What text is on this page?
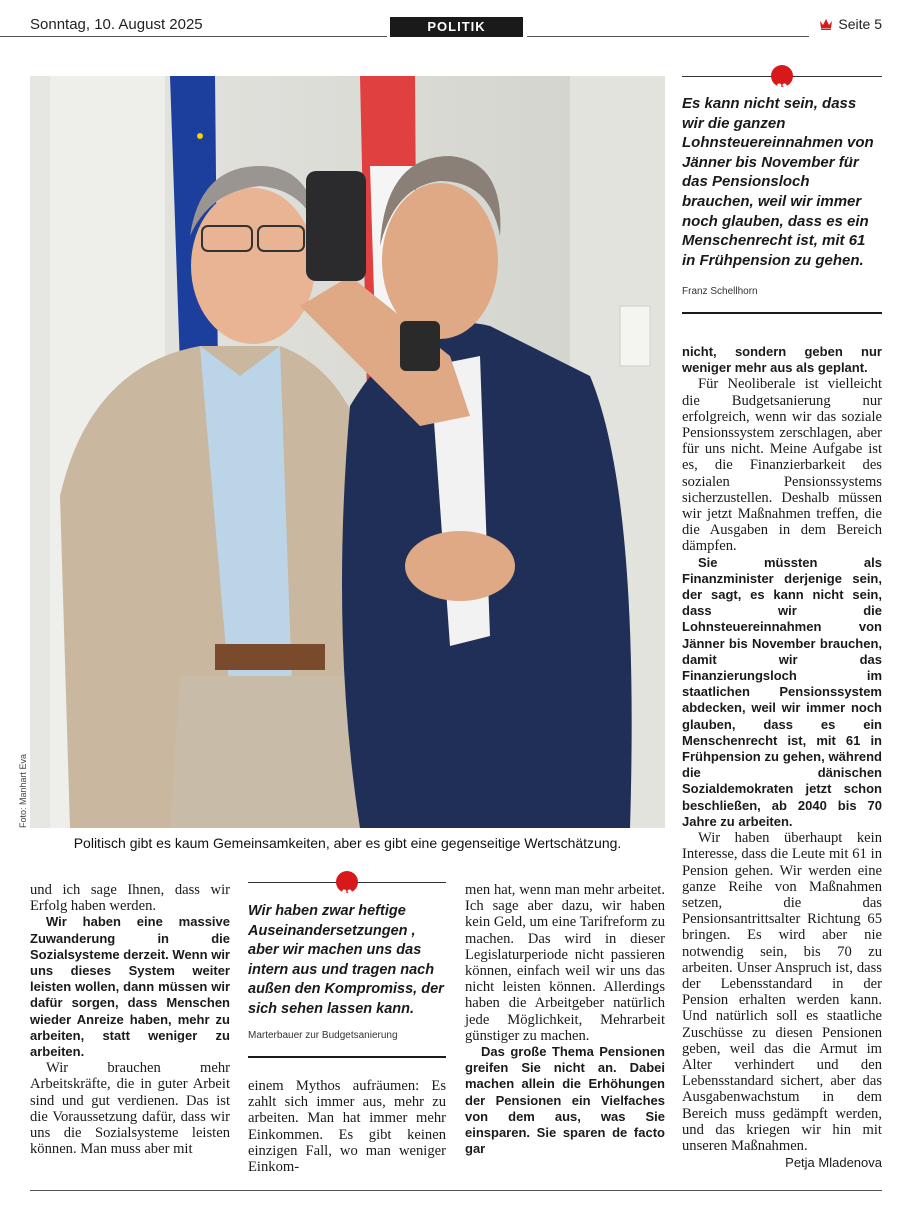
Sonntag, 10. August 2025	POLITIK	Seite 5
Foto: Manhart Eva
Politisch gibt es kaum Gemeinsamkeiten, aber es gibt eine gegenseitige Wertschätzung.
„
Es kann nicht sein, dass wir die ganzen Lohnsteuereinnahmen von Jänner bis November für das Pensionsloch brauchen, weil wir immer noch glauben, dass es ein Menschenrecht ist, mit 61 in Frühpension zu gehen.
Franz Schellhorn
„
Wir haben zwar heftige Auseinandersetzungen , aber wir machen uns das intern aus und tragen nach außen den Kompromiss, der sich sehen lassen kann.
Marterbauer zur Budgetsanierung

und ich sage Ihnen, dass wir Erfolg haben werden.

Wir haben eine massive Zuwanderung in die Sozialsysteme derzeit. Wenn wir uns dieses System weiter leisten wollen, dann müssen wir dafür sorgen, dass Menschen wieder Anreize haben, mehr zu arbeiten, statt weniger zu arbeiten.

Wir brauchen mehr Arbeitskräfte, die in guter Arbeit sind und gut verdienen. Das ist die Voraussetzung dafür, dass wir uns die Sozialsysteme leisten können. Man muss aber mit

einem Mythos aufräumen: Es zahlt sich immer aus, mehr zu arbeiten. Man hat immer mehr Einkommen. Es gibt keinen einzigen Fall, wo man weniger Einkom-

men hat, wenn man mehr arbeitet. Ich sage aber dazu, wir haben kein Geld, um eine Tarifreform zu machen. Das wird in dieser Legislaturperiode nicht passieren können, einfach weil wir uns das nicht leisten können. Allerdings haben die Arbeitgeber natürlich jede Möglichkeit, Mehrarbeit günstiger zu machen.

Das große Thema Pensionen greifen Sie nicht an. Dabei machen allein die Erhöhungen der Pensionen ein Vielfaches von dem aus, was Sie einsparen. Sie sparen de facto gar

nicht, sondern geben nur weniger mehr aus als geplant.

Für Neoliberale ist vielleicht die Budgetsanierung nur erfolgreich, wenn wir das soziale Pensionssystem zerschlagen, aber für uns nicht. Meine Aufgabe ist es, die Finanzierbarkeit des sozialen Pensionssystems sicherzustellen. Deshalb müssen wir jetzt Maßnahmen treffen, die die Ausgaben in dem Bereich dämpfen.

Sie müssten als Finanzminister derjenige sein, der sagt, es kann nicht sein, dass wir die Lohnsteuereinnahmen von Jänner bis November brauchen, damit wir das Finanzierungsloch im staatlichen Pensionssystem abdecken, weil wir immer noch glauben, dass es ein Menschenrecht ist, mit 61 in Frühpension zu gehen, während die dänischen Sozialdemokraten jetzt schon beschließen, ab 2040 bis 70 Jahre zu arbeiten.

Wir haben überhaupt kein Interesse, dass die Leute mit 61 in Pension gehen. Wir werden eine ganze Reihe von Maßnahmen setzen, die das Pensionsantrittsalter Richtung 65 bringen. Es wird aber nie notwendig sein, bis 70 zu arbeiten. Unser Anspruch ist, dass der Lebensstandard in der Pension erhalten werden kann. Und natürlich soll es staatliche Zuschüsse zu diesen Pensionen geben, weil das die Armut im Alter verhindert und den Lebensstandard sichert, aber das Ausgabenwachstum in dem Bereich muss gedämpft werden, und das kriegen wir hin mit unseren Maßnahmen.

Petja Mladenova
